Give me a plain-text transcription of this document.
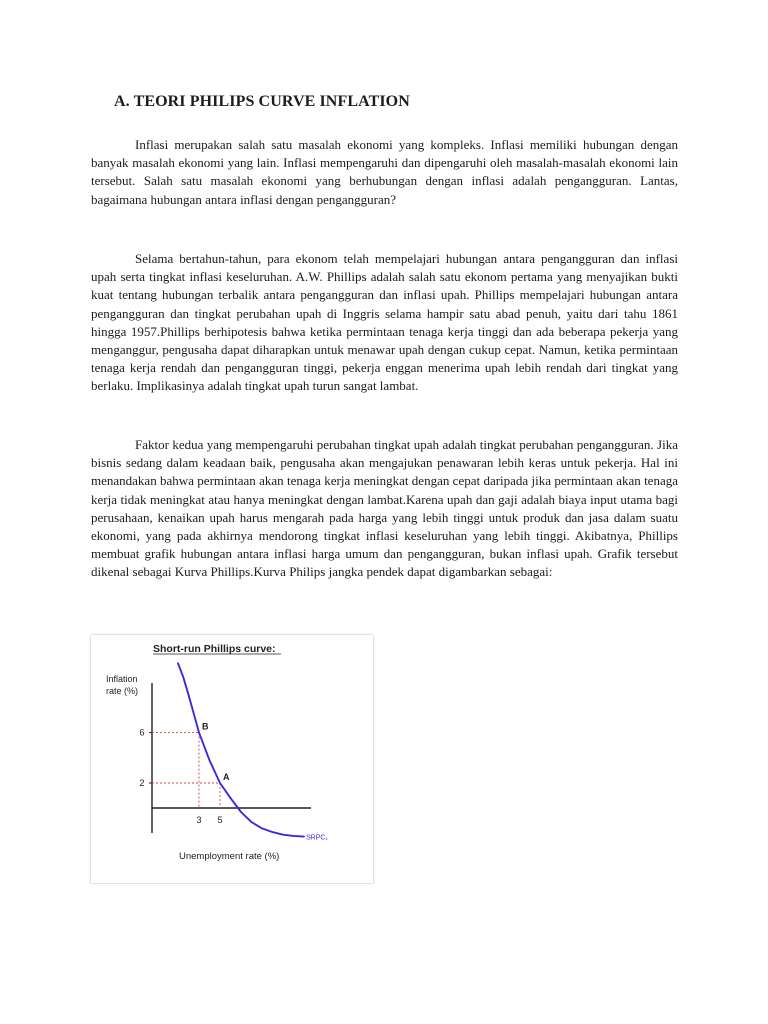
A. TEORI PHILIPS CURVE INFLATION

Inflasi merupakan salah satu masalah ekonomi yang kompleks. Inflasi memiliki hubungan dengan banyak masalah ekonomi yang lain. Inflasi mempengaruhi dan dipengaruhi oleh masalah-masalah ekonomi lain tersebut. Salah satu masalah ekonomi yang berhubungan dengan inflasi adalah pengangguran. Lantas, bagaimana hubungan antara inflasi dengan pengangguran?

Selama bertahun-tahun, para ekonom telah mempelajari hubungan antara pengangguran dan inflasi upah serta tingkat inflasi keseluruhan. A.W. Phillips adalah salah satu ekonom pertama yang menyajikan bukti kuat tentang hubungan terbalik antara pengangguran dan inflasi upah. Phillips mempelajari hubungan antara pengangguran dan tingkat perubahan upah di Inggris selama hampir satu abad penuh, yaitu dari tahu 1861 hingga 1957.Phillips berhipotesis bahwa ketika permintaan tenaga kerja tinggi dan ada beberapa pekerja yang menganggur, pengusaha dapat diharapkan untuk menawar upah dengan cukup cepat. Namun, ketika permintaan tenaga kerja rendah dan pengangguran tinggi, pekerja enggan menerima upah lebih rendah dari tingkat yang berlaku. Implikasinya adalah tingkat upah turun sangat lambat.

Faktor kedua yang mempengaruhi perubahan tingkat upah adalah tingkat perubahan pengangguran. Jika bisnis sedang dalam keadaan baik, pengusaha akan mengajukan penawaran lebih keras untuk pekerja. Hal ini menandakan bahwa permintaan akan tenaga kerja meningkat dengan cepat daripada jika permintaan akan tenaga kerja tidak meningkat atau hanya meningkat dengan lambat.Karena upah dan gaji adalah biaya input utama bagi perusahaan, kenaikan upah harus mengarah pada harga yang lebih tinggi untuk produk dan jasa dalam suatu ekonomi, yang pada akhirnya mendorong tingkat inflasi keseluruhan yang lebih tinggi. Akibatnya, Phillips membuat grafik hubungan antara inflasi harga umum dan pengangguran, bukan inflasi upah. Grafik tersebut dikenal sebagai Kurva Phillips.Kurva Philips jangka pendek dapat digambarkan sebagai:

Short-run Phillips curve:
Inflation
rate (%)
Unemployment rate (%)
B
A
6
2
3 5
SRPC₁
